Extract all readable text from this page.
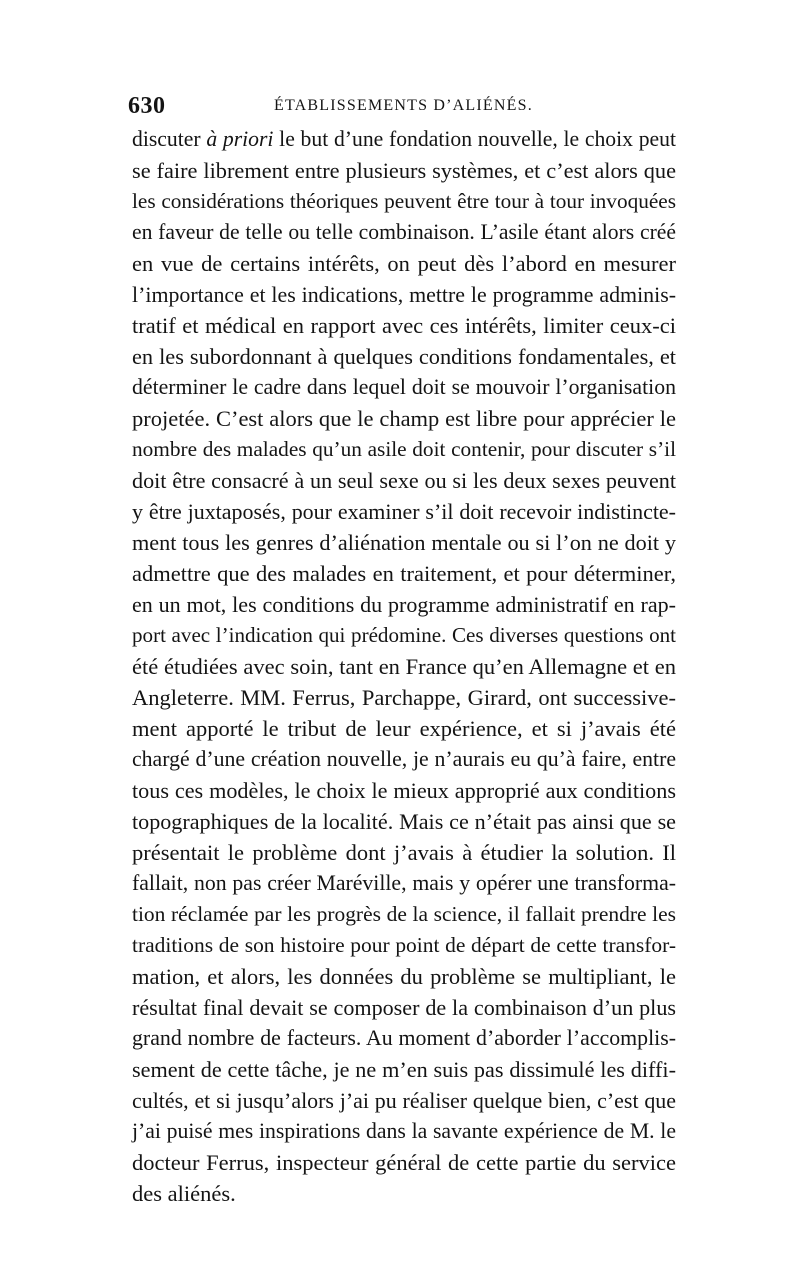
630	ÉTABLISSEMENTS D’ALIÉNÉS.
discuter à priori le but d’une fondation nouvelle, le choix peut
se faire librement entre plusieurs systèmes, et c’est alors que
les considérations théoriques peuvent être tour à tour invoquées
en faveur de telle ou telle combinaison. L’asile étant alors créé
en vue de certains intérêts, on peut dès l’abord en mesurer
l’importance et les indications, mettre le programme adminis-
tratif et médical en rapport avec ces intérêts, limiter ceux-ci
en les subordonnant à quelques conditions fondamentales, et
déterminer le cadre dans lequel doit se mouvoir l’organisation
projetée. C’est alors que le champ est libre pour apprécier le
nombre des malades qu’un asile doit contenir, pour discuter s’il
doit être consacré à un seul sexe ou si les deux sexes peuvent
y être juxtaposés, pour examiner s’il doit recevoir indistincte-
ment tous les genres d’aliénation mentale ou si l’on ne doit y
admettre que des malades en traitement, et pour déterminer,
en un mot, les conditions du programme administratif en rap-
port avec l’indication qui prédomine. Ces diverses questions ont
été étudiées avec soin, tant en France qu’en Allemagne et en
Angleterre. MM. Ferrus, Parchappe, Girard, ont successive-
ment apporté le tribut de leur expérience, et si j’avais été
chargé d’une création nouvelle, je n’aurais eu qu’à faire, entre
tous ces modèles, le choix le mieux approprié aux conditions
topographiques de la localité. Mais ce n’était pas ainsi que se
présentait le problème dont j’avais à étudier la solution. Il
fallait, non pas créer Maréville, mais y opérer une transforma-
tion réclamée par les progrès de la science, il fallait prendre les
traditions de son histoire pour point de départ de cette transfor-
mation, et alors, les données du problème se multipliant, le
résultat final devait se composer de la combinaison d’un plus
grand nombre de facteurs. Au moment d’aborder l’accomplis-
sement de cette tâche, je ne m’en suis pas dissimulé les diffi-
cultés, et si jusqu’alors j’ai pu réaliser quelque bien, c’est que
j’ai puisé mes inspirations dans la savante expérience de M. le
docteur Ferrus, inspecteur général de cette partie du service
des aliénés.
